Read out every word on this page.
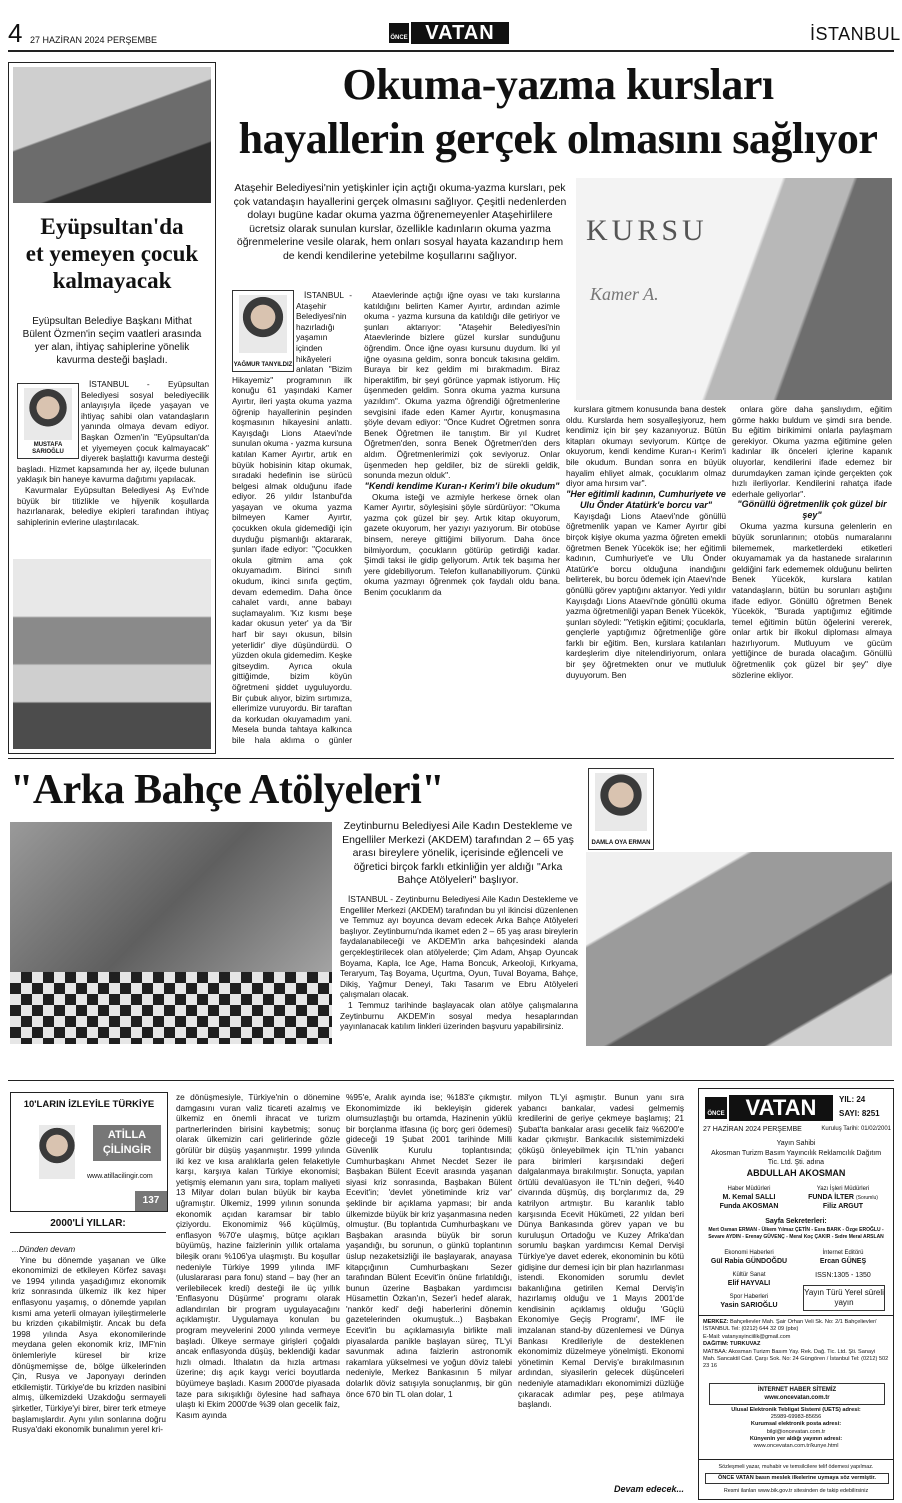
4 27 HAZİRAN 2024 PERŞEMBE	ÖNCE VATAN	İSTANBUL
Eyüpsultan'da
et yemeyen çocuk
kalmayacak
Eyüpsultan Belediye Başkanı Mithat Bülent Özmen'in seçim vaatleri arasında yer alan, ihtiyaç sahiplerine yönelik kavurma desteği başladı.
MUSTAFA SARIOĞLU

İSTANBUL - Eyüpsultan Belediyesi sosyal belediyecilik anlayışıyla ilçede yaşayan ve ihtiyaç sahibi olan vatandaşların yanında olmaya devam ediyor. Başkan Özmen'in "Eyüpsultan'da et yiyemeyen çocuk kalmayacak" diyerek başlattığı kavurma desteği başladı. Hizmet kapsamında her ay, ilçede bulunan yaklaşık bin haneye kavurma dağıtımı yapılacak.

Kavurmalar Eyüpsultan Belediyesi Aş Evi'nde büyük bir titizlikle ve hijyenik koşullarda hazırlanarak, belediye ekipleri tarafından ihtiyaç sahiplerinin evlerine ulaştırılacak.

Okuma-yazma kursları
hayallerin gerçek olmasını sağlıyor
Ataşehir Belediyesi'nin yetişkinler için açtığı okuma-yazma kursları, pek çok vatandaşın hayallerini gerçek olmasını sağlıyor. Çeşitli nedenlerden dolayı bugüne kadar okuma yazma öğrenemeyenler Ataşehirlilere ücretsiz olarak sunulan kurslar, özellikle kadınların okuma yazma öğrenmelerine vesile olarak, hem onları sosyal hayata kazandırıp hem de kendi kendilerine yetebilme koşullarını sağlıyor.
KURSU
Kamer A.
YAĞMUR TANYILDIZ

İSTANBUL - Ataşehir Belediyesi'nin hazırladığı yaşamın içinden hikâyeleri anlatan "Bizim Hikayemiz" programının ilk konuğu 61 yaşındaki Kamer Ayırtır, ileri yaşta okuma yazma öğrenip hayallerinin peşinden koşmasının hikayesini anlattı. Kayışdağı Lions Ataevi'nde sunulan okuma - yazma kursuna katılan Kamer Ayırtır, artık en büyük hobisinin kitap okumak, sıradaki hedefinin ise sürücü belgesi almak olduğunu ifade ediyor. 26 yıldır İstanbul'da yaşayan ve okuma yazma bilmeyen Kamer Ayırtır, çocukken okula gidemediği için duyduğu pişmanlığı aktararak, şunları ifade ediyor: "Çocukken okula gitmim ama çok okuyamadım. Birinci sınıfı okudum, ikinci sınıfa geçtim, devam edemedim. Daha önce cahalet vardı, anne babayı suçlamayalım. 'Kız kısmı beşe kadar okusun yeter' ya da 'Bir harf bir sayı okusun, bilsin yeterlidir' diye düşündürdü. O yüzden okula gidemedim. Keşke gitseydim. Ayrıca okula gittiğimde, bizim köyün öğretmeni şiddet uyguluyordu. Bir çubuk alıyor, bizim sırtımıza, ellerimize vuruyordu. Bir taraftan da korkudan okuyamadım yani. Mesela bunda tahtaya kalkınca bile hala aklıma o günler

Ataevlerinde açtığı iğne oyası ve takı kurslarına katıldığını belirten Kamer Ayırtır, ardından azimle okuma - yazma kursuna da katıldığı dile getiriyor ve şunları aktarıyor: "Ataşehir Belediyesi'nin Ataevlerinde bizlere güzel kurslar sunduğunu öğrendim. Önce iğne oyası kursunu duydum. İki yıl iğne oyasına geldim, sonra boncuk takısına geldim. Buraya bir kez geldim mi bırakmadım. Biraz hiperaktifim, bir şeyi görünce yapmak istiyorum. Hiç üşenmeden geldim. Sonra okuma yazma kursuna yazıldım". Okuma yazma öğrendiği öğretmenlerine sevgisini ifade eden Kamer Ayırtır, konuşmasına şöyle devam ediyor: "Önce Kudret Öğretmen sonra Benek Öğretmen ile tanıştım. Bir yıl Kudret Öğretmen'den, sonra Benek Öğretmen'den ders aldım. Öğretmenlerimizi çok seviyoruz. Onlar üşenmeden hep geldiler, biz de sürekli geldik, sonunda mezun olduk".

"Kendi kendime Kuran-ı Kerim'i bile okudum"

Okuma isteği ve azmiyle herkese örnek olan Kamer Ayırtır, söyleşisini şöyle sürdürüyor: "Okuma yazma çok güzel bir şey. Artık kitap okuyorum, gazete okuyorum, her yazıyı yazıyorum. Bir otobüse binsem, nereye gittiğimi biliyorum. Daha önce bilmiyordum, çocukların götürüp getirdiği kadar. Şimdi taksi ile gidip geliyorum. Artık tek başıma her yere gidebiliyorum. Telefon kullanabiliyorum. Çünkü okuma yazmayı öğrenmek çok faydalı oldu bana. Benim çocuklarım da

kurslara gitmem konusunda bana destek oldu. Kurslarda hem sosyalleşiyoruz, hem kendimiz için bir şey kazanıyoruz. Bütün kitapları okumayı seviyorum. Kürtçe de okuyorum, kendi kendime Kuran-ı Kerim'i bile okudum. Bundan sonra en büyük hayalim ehliyet almak, çocuklarım olmaz diyor ama hırsım var".

"Her eğitimli kadının, Cumhuriyete ve Ulu Önder Atatürk'e borcu var"

Kayışdağı Lions Ataevi'nde gönüllü öğretmenlik yapan ve Kamer Ayırtır gibi birçok kişiye okuma yazma öğreten emekli öğretmen Benek Yücekök ise; her eğitimli kadının, Cumhuriyet'e ve Ulu Önder Atatürk'e borcu olduğuna inandığını belirterek, bu borcu ödemek için Ataevi'nde gönüllü görev yaptığını aktarıyor. Yedi yıldır Kayışdağı Lions Ataevi'nde gönüllü okuma yazma öğretmenliği yapan Benek Yücekök, şunları söyledi: "Yetişkin eğitimi; çocuklarla, gençlerle yaptığımız öğretmenliğe göre farklı bir eğitim. Ben, kurslara katılanları kardeşlerim diye nitelendiriyorum, onlara bir şey öğretmekten onur ve mutluluk duyuyorum. Ben

onlara göre daha şanslıydım, eğitim görme hakkı buldum ve şimdi sıra bende. Bu eğitim birikimimi onlarla paylaşmam gerekiyor. Okuma yazma eğitimine gelen kadınlar ilk önceleri içlerine kapanık oluyorlar, kendilerini ifade edemez bir durumdayken zaman içinde gerçekten çok hızlı ilerliyorlar. Kendilerini rahatça ifade ederhale geliyorlar".

"Gönüllü öğretmenlik çok güzel bir şey"

Okuma yazma kursuna gelenlerin en büyük sorunlarının; otobüs numaralarını bilememek, marketlerdeki etiketleri okuyamamak ya da hastanede sıralarının geldiğini fark edememek olduğunu belirten Benek Yücekök, kurslara katılan vatandaşların, bütün bu sorunları aştığını ifade ediyor. Gönüllü öğretmen Benek Yücekök, "Burada yaptığımız eğitimde temel eğitimin bütün öğelerini vererek, onlar artık bir ilkokul diploması almaya hazırlıyorum. Mutluyum ve gücüm yettiğince de burada olacağım. Gönüllü öğretmenlik çok güzel bir şey" diye sözlerine ekliyor.

"Arka Bahçe Atölyeleri"
Zeytinburnu Belediyesi Aile Kadın Destekleme ve Engelliler Merkezi (AKDEM) tarafından 2 – 65 yaş arası bireylere yönelik, içerisinde eğlenceli ve öğretici birçok farklı etkinliğin yer aldığı "Arka Bahçe Atölyeleri" başlıyor.

İSTANBUL - Zeytinburnu Belediyesi Aile Kadın Destekleme ve Engelliler Merkezi (AKDEM) tarafından bu yıl ikincisi düzenlenen ve Temmuz ayı boyunca devam edecek Arka Bahçe Atölyeleri başlıyor. Zeytinburnu'nda ikamet eden 2 – 65 yaş arası bireylerin faydalanabileceği ve AKDEM'in arka bahçesindeki alanda gerçekleştirilecek olan atölyelerde; Çim Adam, Ahşap Oyuncak Boyama, Kapla, Ice Age, Hama Boncuk, Arkeoloji, Kırkyama, Teraryum, Taş Boyama, Uçurtma, Oyun, Tuval Boyama, Bahçe, Dikiş, Yağmur Deneyi, Takı Tasarım ve Ebru Atölyeleri çalışmaları olacak.

1 Temmuz tarihinde başlayacak olan atölye çalışmalarına Zeytinburnu AKDEM'in sosyal medya hesaplarından yayınlanacak katılım linkleri üzerinden başvuru yapabilirsiniz.

DAMLA OYA ERMAN
10'LARIN İZLEYİLE TÜRKİYE
ATİLLA
ÇİLİNGİR
www.atillacilingir.com
137
2000'Lİ YILLAR:

...Dünden devam

Yine bu dönemde yaşanan ve ülke ekonomimizi de etkileyen Körfez savaşı ve 1994 yılında yaşadığımız ekonomik kriz sonrasında ülkemiz ilk kez hiper enflasyonu yaşamış, o dönemde yapılan kısmi ama yeterli olmayan iyileştirmelerle bu krizden çıkabilmiştir. Ancak bu defa 1998 yılında Asya ekonomilerinde meydana gelen ekonomik kriz, IMF'nin önlemleriyle küresel bir krize dönüşmemişse de, bölge ülkelerinden Çin, Rusya ve Japonyayı derinden etkilemiştir. Türkiye'de bu krizden nasibini almış, ülkemizdeki Uzakdoğu sermayeli şirketler, Türkiye'yi birer, birer terk etmeye başlamışlardır. Aynı yılın sonlarına doğru Rusya'daki ekonomik bunalımın yerel kri-

ze dönüşmesiyle, Türkiye'nin o dönemine damgasını vuran valiz ticareti azalmış ve ülkemiz en önemli ihracat ve turizm partnerlerinden birisini kaybetmiş; sonuç olarak ülkemizin cari gelirlerinde gözle görülür bir düşüş yaşanmıştır. 1999 yılında iki kez ve kısa aralıklarla gelen felaketiyle karşı, karşıya kalan Türkiye ekonomisi; yetişmiş elemanın yanı sıra, toplam maliyeti 13 Milyar doları bulan büyük bir kayba uğramıştır. Ülkemiz, 1999 yılının sonunda ekonomik açıdan karamsar bir tablo çiziyordu. Ekonomimiz %6 küçülmüş, enflasyon %70'e ulaşmış, bütçe açıkları büyümüş, hazine faizlerinin yıllık ortalama bileşik oranı %106'ya ulaşmıştı. Bu koşullar nedeniyle Türkiye 1999 yılında IMF (uluslararası para fonu) stand – bay (her an verilebilecek kredi) desteği ile üç yıllık 'Enflasyonu Düşürme' programı olarak adlandırılan bir program uygulayacağını açıklamıştır. Uygulamaya konulan bu program meyvelerini 2000 yılında vermeye başladı. Ülkeye sermaye girişleri çoğaldı ancak enflasyonda düşüş, beklendiği kadar hızlı olmadı. İthalatın da hızla artması üzerine; dış açık kaygı verici boyutlarda büyümeye başladı. Kasım 2000'de piyasada taze para sıkışıklığı öylesine had safhaya ulaştı ki Ekim 2000'de %39 olan gecelik faiz, Kasım ayında

%95'e, Aralık ayında ise; %183'e çıkmıştır. Ekonomimizde iki bekleyişin giderek olumsuzlaştığı bu ortamda, Hazinenin yüklü bir borçlanma itfasına (iç borç geri ödemesi) gideceği 19 Şubat 2001 tarihinde Milli Güvenlik Kurulu toplantısında; Cumhurbaşkanı Ahmet Necdet Sezer ile Başbakan Bülent Ecevit arasında yaşanan siyasi kriz sonrasında, Başbakan Bülent Ecevit'in; 'devlet yönetiminde kriz var' şeklinde bir açıklama yapması; bir anda ülkemizde büyük bir kriz yaşanmasına neden olmuştur. (Bu toplantıda Cumhurbaşkanı ve Başbakan arasında büyük bir sorun yaşandığı, bu sorunun, o günkü toplantının üslup nezaketsizliği ile başlayarak, anayasa kitapçığının Cumhurbaşkanı Sezer tarafından Bülent Ecevit'in önüne fırlatıldığı, bunun üzerine Başbakan yardımcısı Hüsamettin Özkan'ın, Sezer'i hedef alarak, 'nankör kedi' deği haberlerini dönemin gazetelerinden okumuştuk...) Başbakan Ecevit'in bu açıklamasıyla birlikte mali piyasalarda panikle başlayan süreç, TL'yi savunmak adına faizlerin astronomik rakamlara yükselmesi ve yoğun döviz talebi nedeniyle, Merkez Bankasının 5 milyar dolarlık döviz satışıyla sonuçlanmış, bir gün önce 670 bin TL olan dolar, 1

milyon TL'yi aşmıştır. Bunun yanı sıra yabancı bankalar, vadesi gelmemiş kredilerini de geriye çekmeye başlamış; 21 Şubat'ta bankalar arası gecelik faiz %6200'e kadar çıkmıştır. Bankacılık sistemimizdeki çöküşü önleyebilmek için TL'nin yabancı para birimleri karşısındaki değeri dalgalanmaya bırakılmıştır. Sonuçta, yapılan örtülü devalüasyon ile TL'nin değeri, %40 civarında düşmüş, dış borçlarımız da, 29 katrilyon artmıştır. Bu karanlık tablo karşısında Ecevit Hükümeti, 22 yıldan beri Dünya Bankasında görev yapan ve bu kuruluşun Ortadoğu ve Kuzey Afrika'dan sorumlu başkan yardımcısı Kemal Dervişi Türkiye'ye davet ederek, ekonominin bu kötü gidişine dur demesi için bir plan hazırlanması istendi. Ekonomiden sorumlu devlet bakanlığına getirilen Kemal Derviş'in hazırlamış olduğu ve 1 Mayıs 2001'de kendisinin açıklamış olduğu 'Güçlü Ekonomiye Geçiş Programı', IMF ile imzalanan stand-by düzenlemesi ve Dünya Bankası Kredileriyle de desteklenen ekonomimiz düzelmeye yönelmişti. Ekonomi yönetimin Kemal Derviş'e bırakılmasının ardından, siyasilerin gelecek düşünceleri nedeniyle atamadıkları ekonomimizi düzlüğe çıkaracak adımlar peş, peşe atılmaya başlandı.

Devam edecek...
ÖNCE VATAN	YIL: 24
SAYI: 8251
27 HAZİRAN 2024 PERŞEMBE	Kuruluş Tarihi: 01/02/2001
Yayın Sahibi
Akosman Turizm Basım Yayıncılık Reklamcılık Dağıtım Tic. Ltd. Şti. adına
ABDULLAH AKOSMAN
Haber Müdürleri
M. Kemal SALLI
Funda AKOSMAN
Yazı İşleri Müdürleri
FUNDA İLTER (Sorumlu)
Filiz ARGUT
Sayfa Sekreterleri:
Mert Osman ERMAN - Ülkem Yılmaz ÇETİN - Esra BARK - Özge EROĞLU - Sevare AYDIN - Erenay GÜVENÇ - Meral Koç ÇAKIR - Sıdre Meral ARSLAN
Ekonomi Haberleri
Gül Rabia GÜNDOĞDU
İnternet Editörü
Ercan GÜNEŞ
Kültür Sanat
Elif HAYVALI
ISSN:1305 - 1350
Spor Haberleri
Yasin SARIOĞLU
Yayın Türü Yerel süreli yayın
MERKEZ: Bahçelievler Mah. Şair Orhan Veli Sk. No: 2/1 Bahçelievler/İSTANBUL Tel: (0212) 644 32 09 (pbx)
E-Mail: vatanyayinciilik@gmail.com
DAĞITIM: TURKUVAZ
MATBAA: Akosman Turizm Basım Yay. Rek. Dağ. Tic. Ltd. Şti. Sanayi Mah. Sancaktil Cad. Çarşı Sok. No: 24 Güngören / İstanbul Tel: (0212) 502 23 16
İNTERNET HABER SİTEMİZ
www.oncevatan.com.tr
Ulusal Elektronik Tebligat Sistemi (UETS) adresi:
25989-69983-85656
Kurumsal elektronik posta adresi:
bilgi@oncevatan.com.tr
Künyenin yer aldığı yayının adresi:
www.oncevatan.com.tr/kunye.html
Sözleşmeli yazar, muhabir ve temsilcilere telif ödemesi yapılmaz.
ÖNCE VATAN basın meslek ilkelerine uymaya söz vermiştir.
Resmi ilanları www.bik.gov.tr sitesinden de takip edebilirsiniz
